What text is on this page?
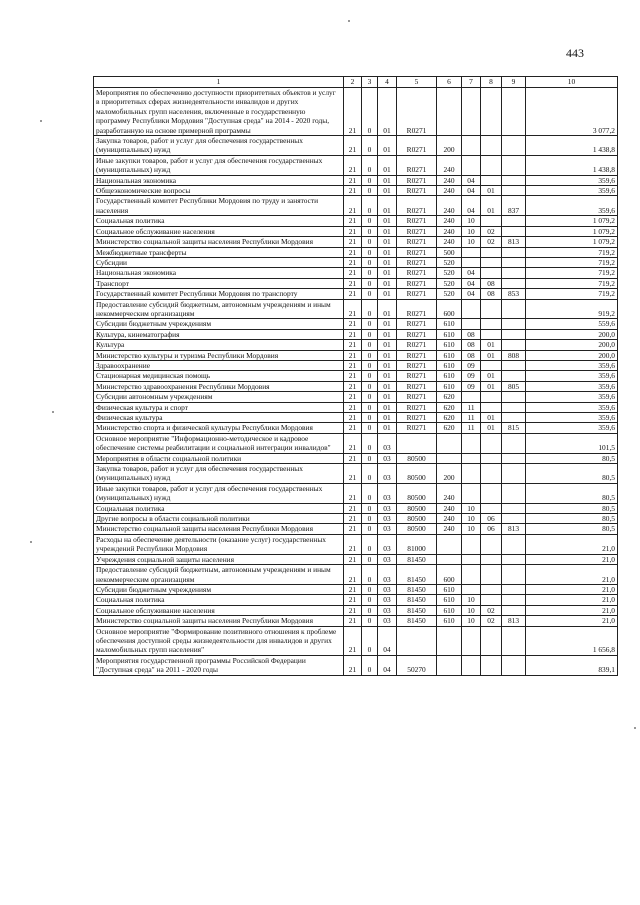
443
1	2	3	4	5	6	7	8	9	10
Мероприятия по обеспечению доступности приоритетных объектов и услуг в приоритетных сферах жизнедеятельности инвалидов и других маломобильных групп населения, включенные в государственную программу Республики Мордовия "Доступная среда" на 2014 - 2020 годы, разработанную на основе примерной программы	21	0	01	R0271					3 077,2
Закупка товаров, работ и услуг для обеспечения государственных (муниципальных) нужд	21	0	01	R0271	200				1 438,8
Иные закупки товаров, работ и услуг для обеспечения государственных (муниципальных) нужд	21	0	01	R0271	240				1 438,8
Национальная экономика	21	0	01	R0271	240	04			359,6
Общеэкономические вопросы	21	0	01	R0271	240	04	01		359,6
Государственный комитет Республики Мордовия по труду и занятости населения	21	0	01	R0271	240	04	01	837	359,6
Социальная политика	21	0	01	R0271	240	10			1 079,2
Социальное обслуживание населения	21	0	01	R0271	240	10	02		1 079,2
Министерство социальной защиты населения Республики Мордовия	21	0	01	R0271	240	10	02	813	1 079,2
Межбюджетные трансферты	21	0	01	R0271	500				719,2
Субсидии	21	0	01	R0271	520				719,2
Национальная экономика	21	0	01	R0271	520	04			719,2
Транспорт	21	0	01	R0271	520	04	08		719,2
Государственный комитет Республики Мордовия по транспорту	21	0	01	R0271	520	04	08	853	719,2
Предоставление субсидий бюджетным, автономным учреждениям и иным некоммерческим организациям	21	0	01	R0271	600				919,2
Субсидии бюджетным учреждениям	21	0	01	R0271	610				559,6
Культура, кинематография	21	0	01	R0271	610	08			200,0
Культура	21	0	01	R0271	610	08	01		200,0
Министерство культуры и туризма Республики Мордовия	21	0	01	R0271	610	08	01	808	200,0
Здравоохранение	21	0	01	R0271	610	09			359,6
Стационарная медицинская помощь	21	0	01	R0271	610	09	01		359,6
Министерство здравоохранения Республики Мордовия	21	0	01	R0271	610	09	01	805	359,6
Субсидии автономным учреждениям	21	0	01	R0271	620				359,6
Физическая культура и спорт	21	0	01	R0271	620	11			359,6
Физическая культура	21	0	01	R0271	620	11	01		359,6
Министерство спорта и физической культуры Республики Мордовия	21	0	01	R0271	620	11	01	815	359,6
Основное мероприятие "Информационно-методическое и кадровое обеспечение системы реабилитации и социальной интеграции инвалидов"	21	0	03						101,5
Мероприятия в области социальной политики	21	0	03	80500					80,5
Закупка товаров, работ и услуг для обеспечения государственных (муниципальных) нужд	21	0	03	80500	200				80,5
Иные закупки товаров, работ и услуг для обеспечения государственных (муниципальных) нужд	21	0	03	80500	240				80,5
Социальная политика	21	0	03	80500	240	10			80,5
Другие вопросы в области социальной политики	21	0	03	80500	240	10	06		80,5
Министерство социальной защиты населения Республики Мордовия	21	0	03	80500	240	10	06	813	80,5
Расходы на обеспечение деятельности (оказание услуг) государственных учреждений Республики Мордовия	21	0	03	81000					21,0
Учреждения социальной защиты населения	21	0	03	81450					21,0
Предоставление субсидий бюджетным, автономным учреждениям и иным некоммерческим организациям	21	0	03	81450	600				21,0
Субсидии бюджетным учреждениям	21	0	03	81450	610				21,0
Социальная политика	21	0	03	81450	610	10			21,0
Социальное обслуживание населения	21	0	03	81450	610	10	02		21,0
Министерство социальной защиты населения Республики Мордовия	21	0	03	81450	610	10	02	813	21,0
Основное мероприятие "Формирование позитивного отношения к проблеме обеспечения доступной среды жизнедеятельности для инвалидов и других маломобильных групп населения"	21	0	04						1 656,8
Мероприятия государственной программы Российской Федерации "Доступная среда" на 2011 - 2020 годы	21	0	04	50270					839,1
